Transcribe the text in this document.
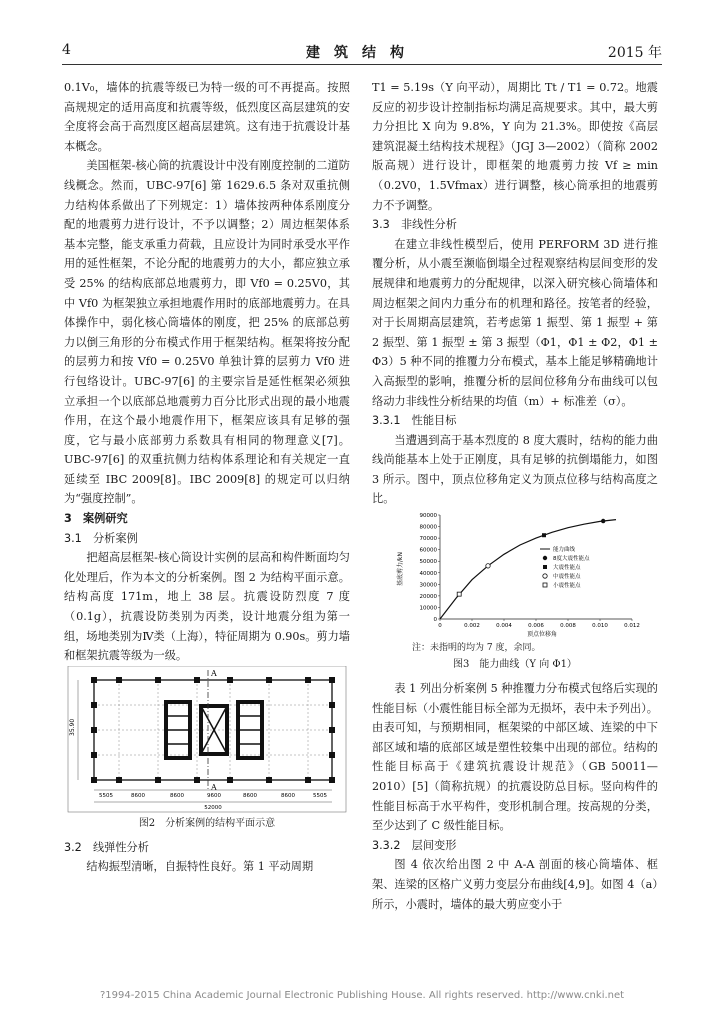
4	建筑结构	2015 年

0.1V₀，墙体的抗震等级已为特一级的可不再提高。按照高规规定的适用高度和抗震等级，低烈度区高层建筑的安全度将会高于高烈度区超高层建筑。这有违于抗震设计基本概念。

美国框架-核心筒的抗震设计中没有刚度控制的二道防线概念。然而，UBC-97[6] 第 1629.6.5 条对双重抗侧力结构体系做出了下列规定：1）墙体按两种体系刚度分配的地震剪力进行设计，不予以调整；2）周边框架体系基本完整，能支承重力荷载，且应设计为同时承受水平作用的延性框架，不论分配的地震剪力的大小，都应独立承受 25% 的结构底部总地震剪力，即 Vf0 = 0.25V0，其中 Vf0 为框架独立承担地震作用时的底部地震剪力。在具体操作中，弱化核心筒墙体的刚度，把 25% 的底部总剪力以倒三角形的分布模式作用于框架结构。框架将按分配的层剪力和按 Vf0 = 0.25V0 单独计算的层剪力 Vf0 进行包络设计。UBC-97[6] 的主要宗旨是延性框架必须独立承担一个以底部总地震剪力百分比形式出现的最小地震作用，在这个最小地震作用下，框架应该具有足够的强度，它与最小底部剪力系数具有相同的物理意义[7]。UBC-97[6] 的双重抗侧力结构体系理论和有关规定一直延续至 IBC 2009[8]。IBC 2009[8] 的规定可以归纳为“强度控制”。

3　案例研究

3.1　分析案例

把超高层框架-核心筒设计实例的层高和构件断面均匀化处理后，作为本文的分析案例。图 2 为结构平面示意。结构高度 171m，地上 38 层。抗震设防烈度 7 度（0.1g），抗震设防类别为丙类，设计地震分组为第一组，场地类别为Ⅳ类（上海），特征周期为 0.90s。剪力墙和框架抗震等级为一级。

A
A
35.90
5505	8600	8600	9600	8600	8600	5505
52000
图2　分析案例的结构平面示意

3.2　线弹性分析

结构振型清晰，自振特性良好。第 1 平动周期

T1 = 5.19s（Y 向平动），周期比 Tt / T1 = 0.72。地震反应的初步设计控制指标均满足高规要求。其中，最大剪力分担比 X 向为 9.8%，Y 向为 21.3%。即使按《高层建筑混凝土结构技术规程》（JGJ 3—2002）（简称 2002 版高规）进行设计，即框架的地震剪力按 Vf ≥ min（0.2V0，1.5Vfmax）进行调整，核心筒承担的地震剪力不予调整。

3.3　非线性分析

在建立非线性模型后，使用 PERFORM 3D 进行推覆分析，从小震至濒临倒塌全过程观察结构层间变形的发展规律和地震剪力的分配规律，以深入研究核心筒墙体和周边框架之间内力重分布的机理和路径。按笔者的经验，对于长周期高层建筑，若考虑第 1 振型、第 1 振型 + 第 2 振型、第 1 振型 ± 第 3 振型（Φ1，Φ1 ± Φ2，Φ1 ± Φ3）5 种不同的推覆力分布模式，基本上能足够精确地计入高振型的影响，推覆分析的层间位移角分布曲线可以包络动力非线性分析结果的均值（m）+ 标准差（σ）。

3.3.1　性能目标

当遭遇到高于基本烈度的 8 度大震时，结构的能力曲线尚能基本上处于正刚度，具有足够的抗倒塌能力，如图 3 所示。图中，顶点位移角定义为顶点位移与结构高度之比。

90000
80000
70000
60000
50000
40000
30000
20000
10000
0
0	0.002	0.004	0.006	0.008	0.010	0.012
基底剪力/kN
顶点位移角
能力曲线
8度大震性能点
大震性能点
中震性能点
小震性能点
注：未指明的均为 7 度，余同。
图3　能力曲线（Y 向 Φ1）

表 1 列出分析案例 5 种推覆力分布模式包络后实现的性能目标（小震性能目标全部为无损坏，表中未予列出）。由表可知，与预期相同，框架梁的中部区域、连梁的中下部区域和墙的底部区域是塑性较集中出现的部位。结构的性能目标高于《建筑抗震设计规范》（GB 50011—2010）[5]（简称抗规）的抗震设防总目标。竖向构件的性能目标高于水平构件，变形机制合理。按高规的分类，至少达到了 C 级性能目标。

3.3.2　层间变形

图 4 依次给出图 2 中 A-A 剖面的核心筒墙体、框架、连梁的区格广义剪力变层分布曲线[4,9]。如图 4（a）所示，小震时，墙体的最大剪应变小于

?1994-2015 China Academic Journal Electronic Publishing House. All rights reserved. http://www.cnki.net
